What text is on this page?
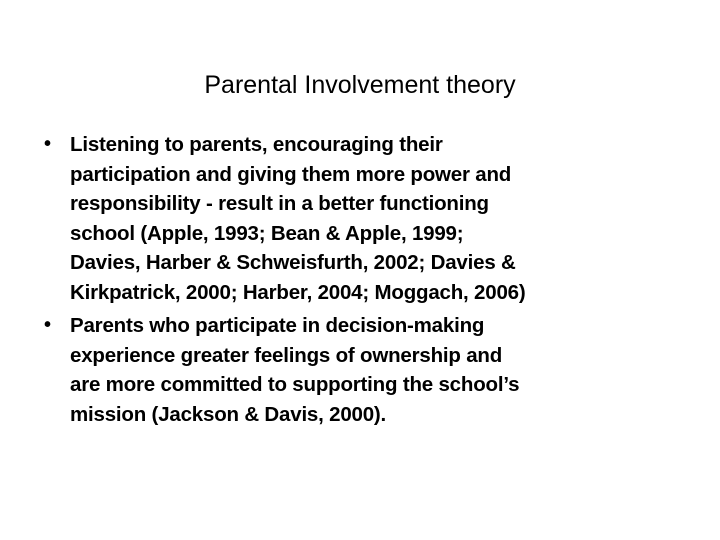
Parental Involvement theory
• Listening to parents, encouraging their
participation and giving them more power and
responsibility - result in a better functioning
school (Apple, 1993; Bean & Apple, 1999;
Davies, Harber & Schweisfurth, 2002; Davies &
Kirkpatrick, 2000; Harber, 2004; Moggach, 2006)
• Parents who participate in decision-making
experience greater feelings of ownership and
are more committed to supporting the school’s
mission (Jackson & Davis, 2000).
